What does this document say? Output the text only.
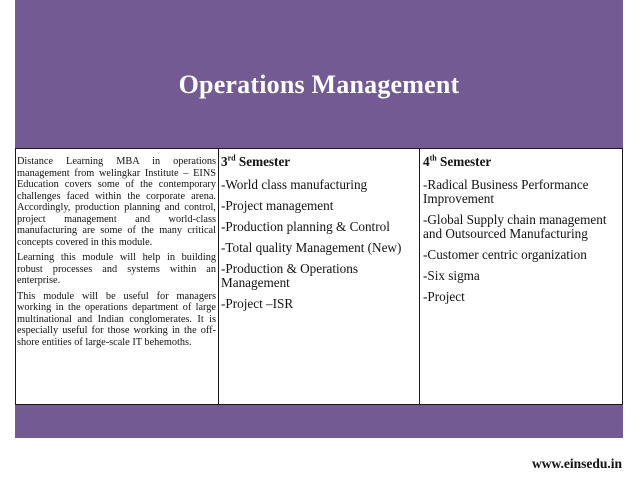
Operations Management

Distance Learning MBA in operations management from welingkar Institute – EINS Education covers some of the contemporary challenges faced within the corporate arena. Accordingly, production planning and control, project management and world-class manufacturing are some of the many critical concepts covered in this module.

Learning this module will help in building robust processes and systems within an enterprise.

This module will be useful for managers working in the operations department of large multinational and Indian conglomerates. It is especially useful for those working in the off-shore entities of large-scale IT behemoths.

3rd Semester
-World class manufacturing
-Project management
-Production planning & Control
-Total quality Management (New)
-Production & Operations Management
-Project –ISR
4th Semester
-Radical Business Performance Improvement
-Global Supply chain management and Outsourced Manufacturing
-Customer centric organization
-Six sigma
-Project
www.einsedu.in
